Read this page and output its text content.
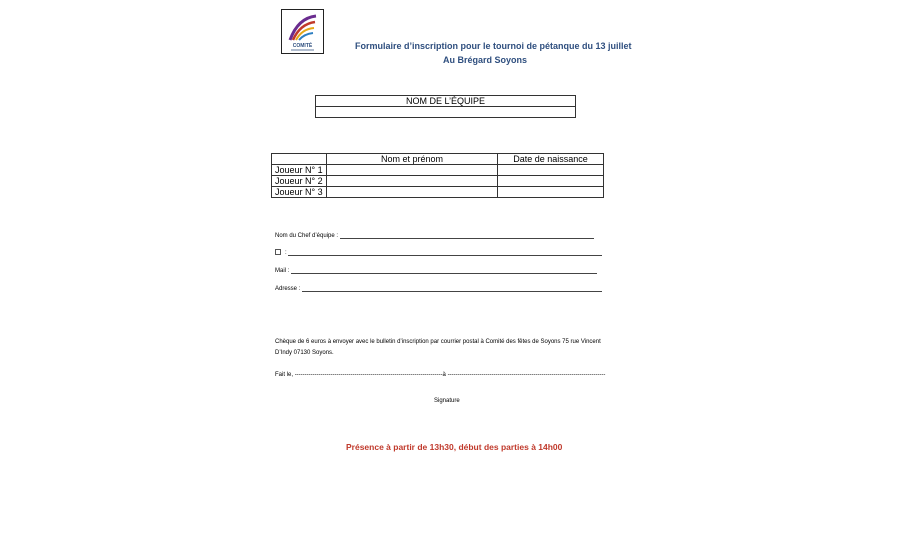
COMITÉ	Formulaire d’inscription pour le tournoi de pétanque du 13 juillet
Au Brégard Soyons
NOM DE L’ÉQUIPE

	Nom et prénom	Date de naissance
Joueur N° 1		
Joueur N° 2		
Joueur N° 3		
Nom du Chef d’équipe :
:
Mail :
Adresse :
Chèque de 6 euros à envoyer avec le bulletin d’inscription par courrier postal à Comité des fêtes de Soyons 75 rue Vincent D’Indy 07130 Soyons.
Fait le, --------------------------------------------------------------------------à -------------------------------------------------------------------------------
Signature
Présence à partir de 13h30, début des parties à 14h00
